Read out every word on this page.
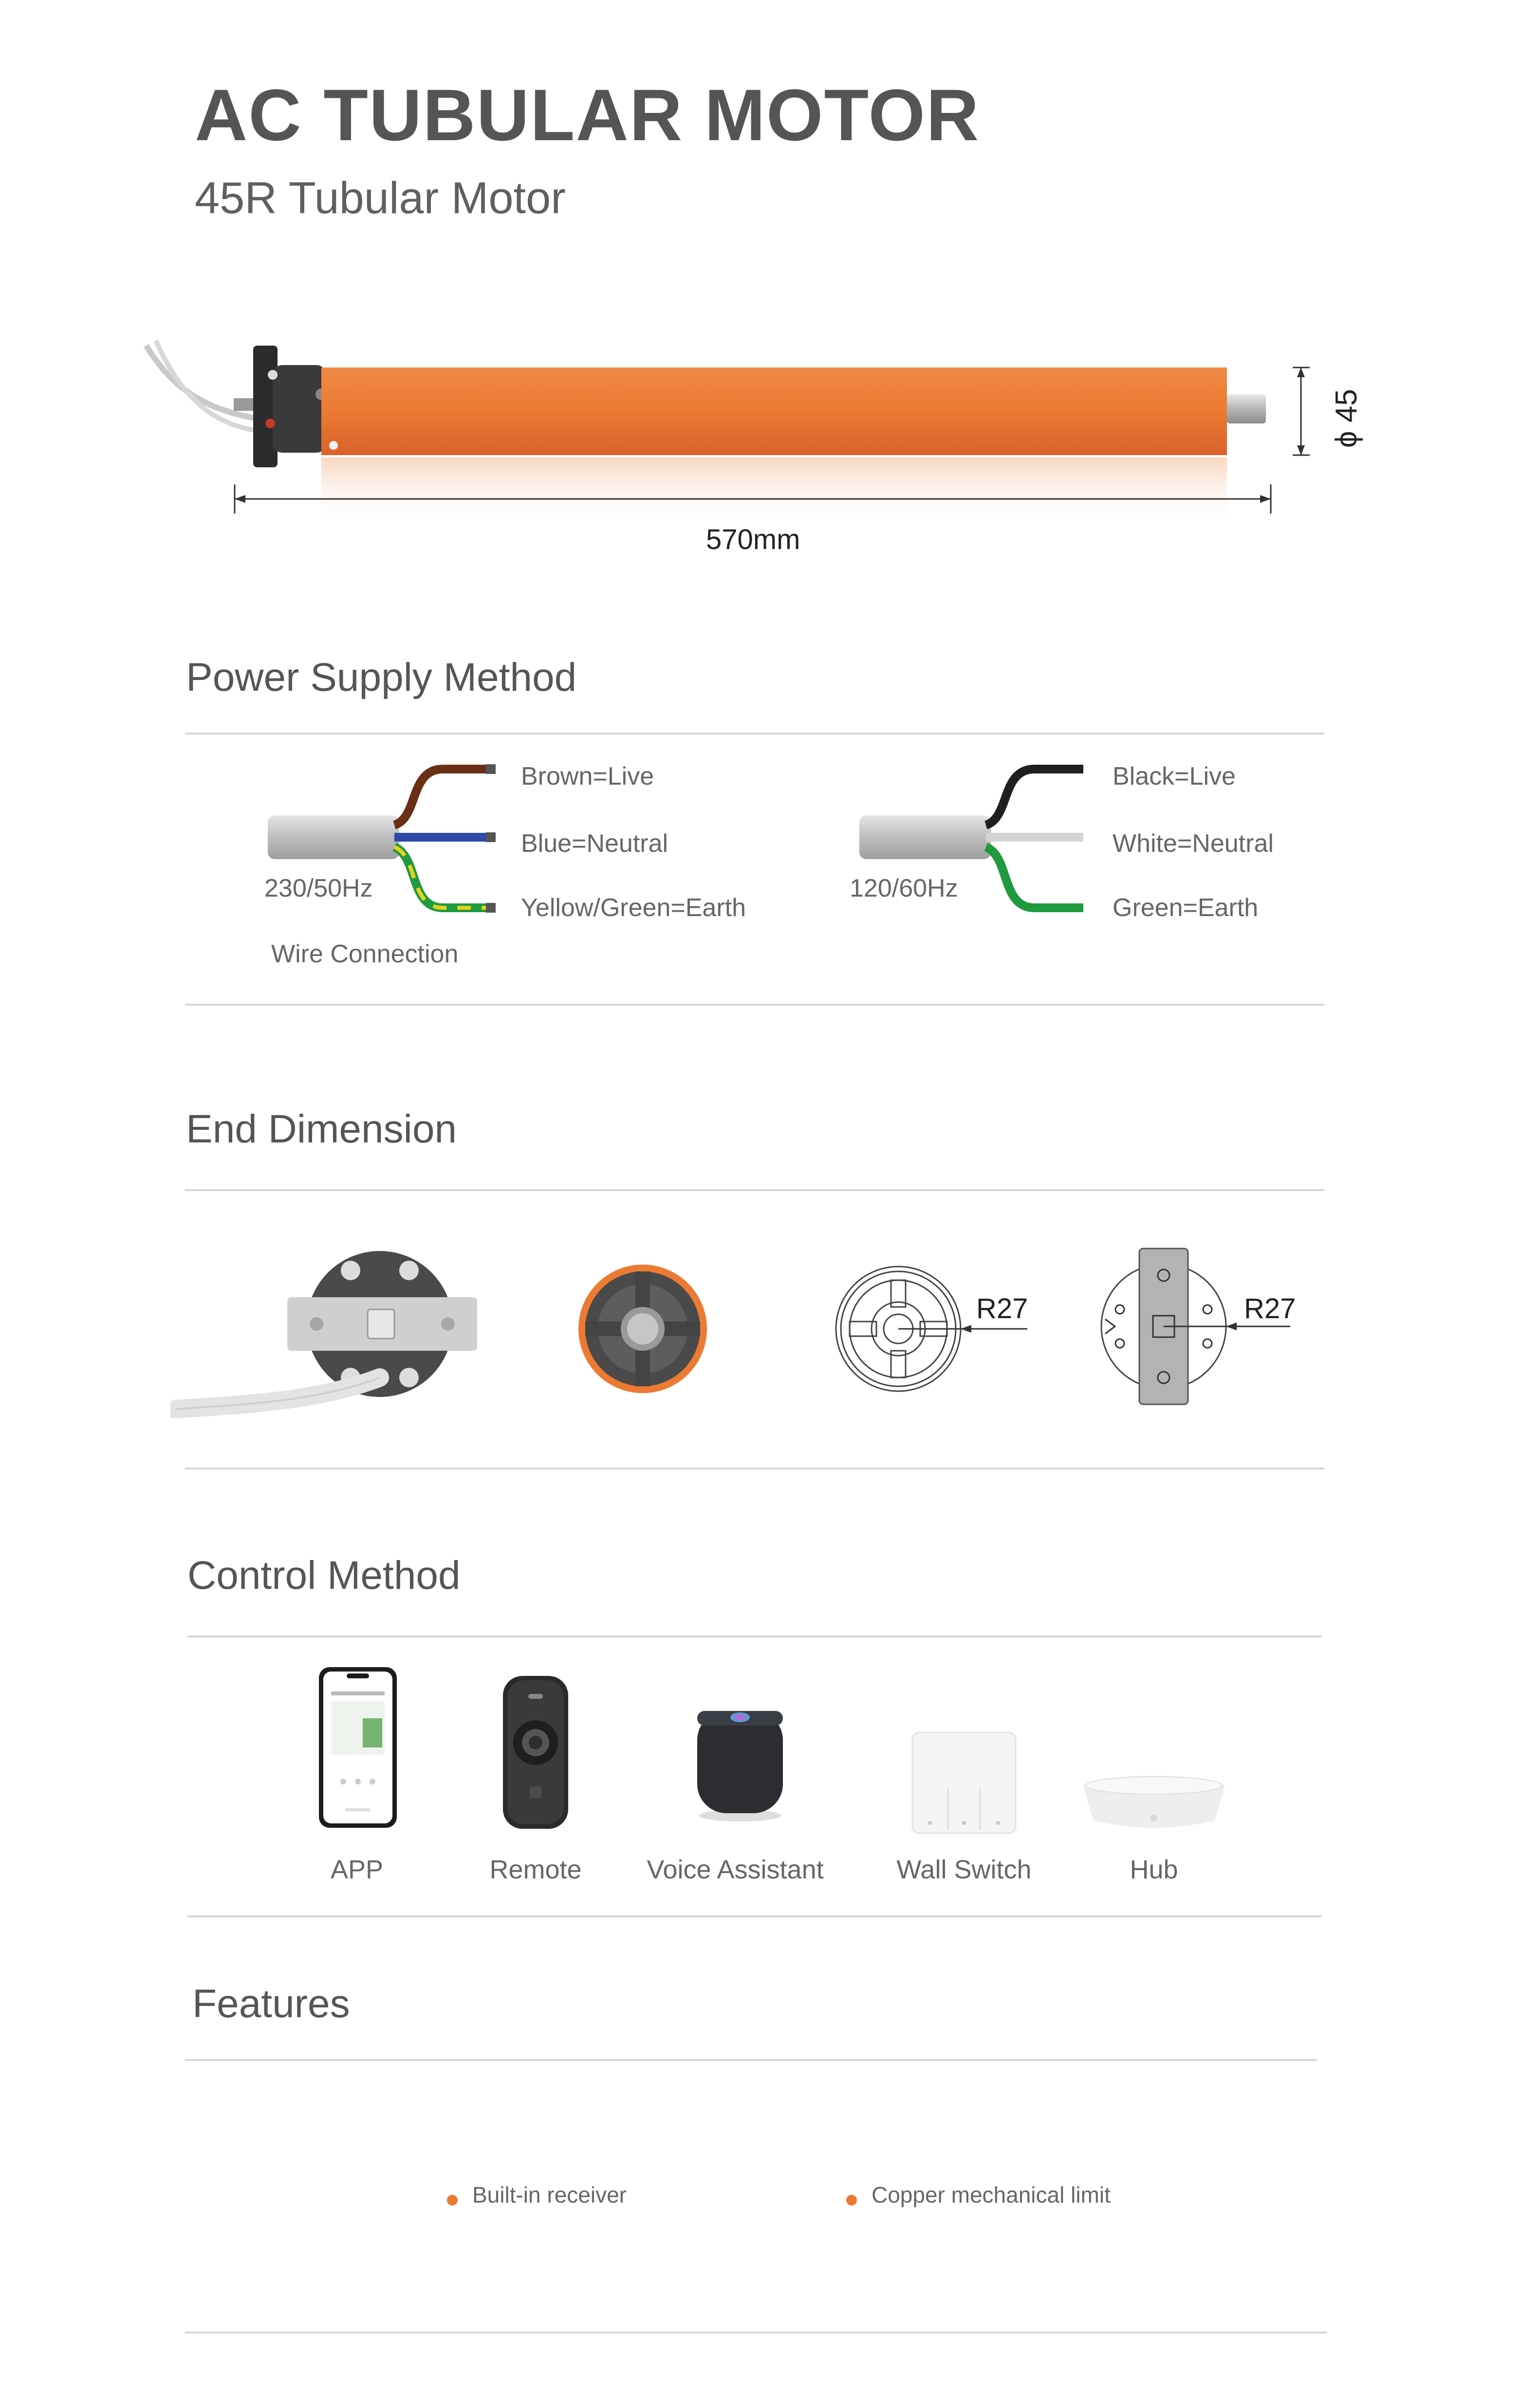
AC TUBULAR MOTOR
45R Tubular Motor
ϕ 45
570mm
Power Supply Method
Brown=Live
Blue=Neutral
Yellow/Green=Earth
230/50Hz
Wire Connection
Black=Live
White=Neutral
Green=Earth
120/60Hz
End Dimension
R27	R27
Control Method
APP	Remote	Voice Assistant	Wall Switch	Hub
Features
Built-in receiver	Copper mechanical limit
